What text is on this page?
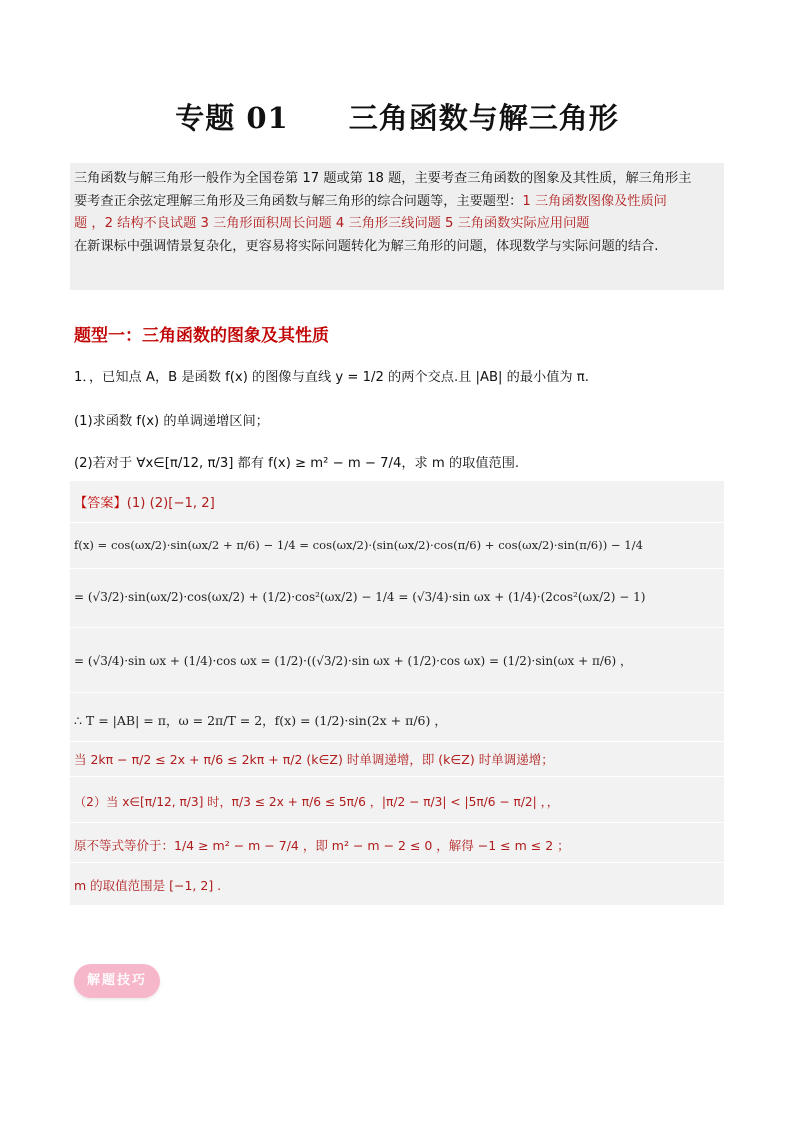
专题 01 三角函数与解三角形
三角函数与解三角形一般作为全国卷第 17 题或第 18 题，主要考查三角函数的图象及其性质，解三角形主
要考查正余弦定理解三角形及三角函数与解三角形的综合问题等，主要题型：1 三角函数图像及性质问
题 ，2 结构不良试题 3 三角形面积周长问题 4 三角形三线问题 5 三角函数实际应用问题
在新课标中强调情景复杂化，更容易将实际问题转化为解三角形的问题，体现数学与实际问题的结合.
题型一：三角函数的图象及其性质
1．，已知点 A，B 是函数 f(x) 的图像与直线 y = 1/2 的两个交点.且 |AB| 的最小值为 π.
(1)求函数 f(x) 的单调递增区间；
(2)若对于 ∀x∈[π/12, π/3] 都有 f(x) ≥ m² − m − 7/4，求 m 的取值范围.
【答案】(1) (2)[−1, 2]
f(x) = cos(ωx/2)·sin(ωx/2 + π/6) − 1/4 = cos(ωx/2)·(sin(ωx/2)·cos(π/6) + cos(ωx/2)·sin(π/6)) − 1/4
= (√3/2)·sin(ωx/2)·cos(ωx/2) + (1/2)·cos²(ωx/2) − 1/4 = (√3/4)·sin ωx + (1/4)·(2cos²(ωx/2) − 1)
= (√3/4)·sin ωx + (1/4)·cos ωx = (1/2)·((√3/2)·sin ωx + (1/2)·cos ωx) = (1/2)·sin(ωx + π/6) ，
∴ T = |AB| = π，ω = 2π/T = 2，f(x) = (1/2)·sin(2x + π/6) ，
当 2kπ − π/2 ≤ 2x + π/6 ≤ 2kπ + π/2 (k∈Z) 时单调递增，即 (k∈Z) 时单调递增；
（2）当 x∈[π/12, π/3] 时，π/3 ≤ 2x + π/6 ≤ 5π/6 ，|π/2 − π/3| < |5π/6 − π/2| ，，
原不等式等价于：1/4 ≥ m² − m − 7/4 ，即 m² − m − 2 ≤ 0 ，解得 −1 ≤ m ≤ 2 ；
m 的取值范围是 [−1, 2] .
解题技巧
